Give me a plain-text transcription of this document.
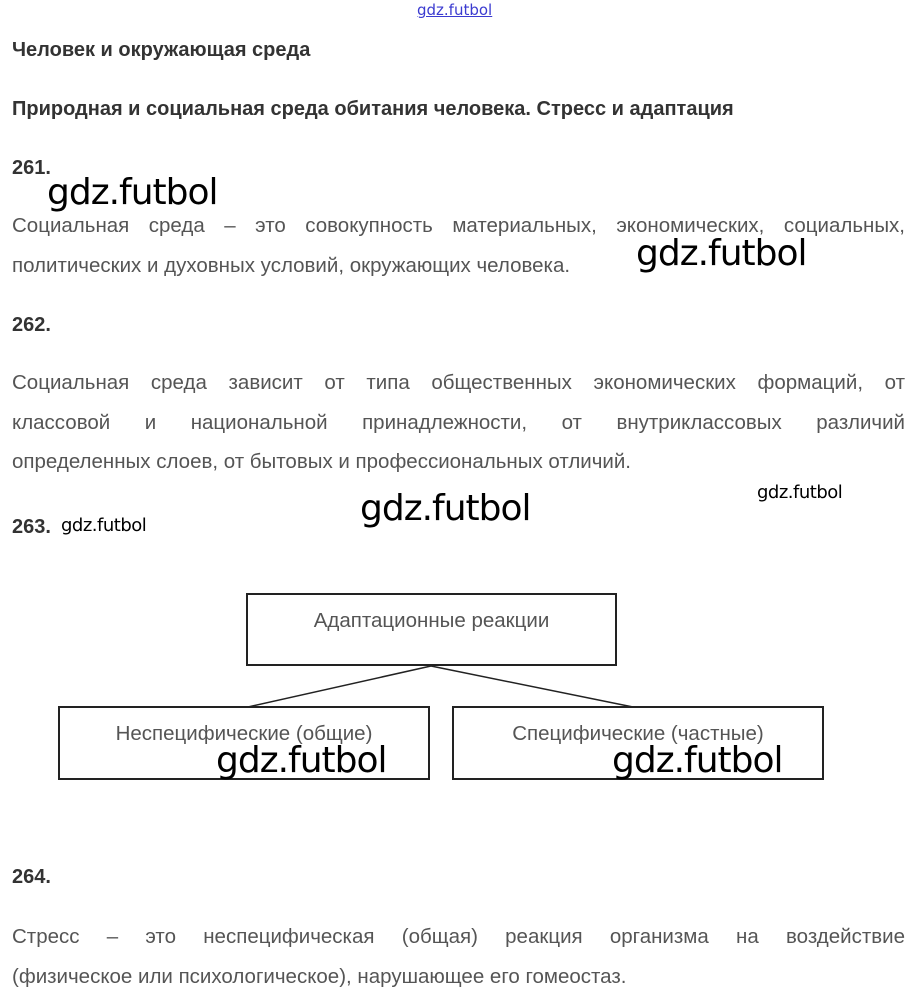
gdz.futbol
Человек и окружающая среда
Природная и социальная среда обитания человека. Стресс и адаптация
261.
Социальная среда – это совокупность материальных, экономических, социальных,
политических и духовных условий, окружающих человека.
262.
Социальная среда зависит от типа общественных экономических формаций, от
классовой и национальной принадлежности, от внутриклассовых различий
определенных слоев, от бытовых и профессиональных отличий.
263.
Адаптационные реакции
Неспецифические (общие)	Специфические (частные)
264.
Стресс – это неспецифическая (общая) реакция организма на воздействие
(физическое или психологическое), нарушающее его гомеостаз.
gdz.futbol
gdz.futbol
gdz.futbol
gdz.futbol
gdz.futbol
gdz.futbol	gdz.futbol
